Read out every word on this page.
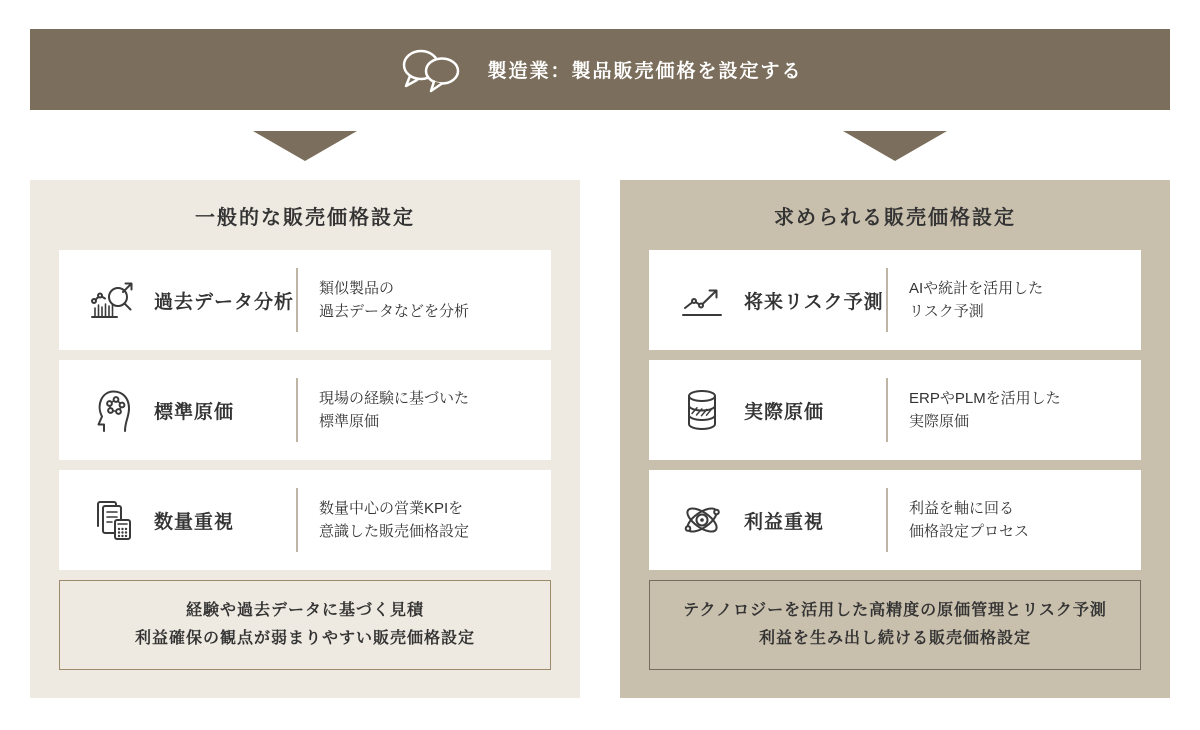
製造業：製品販売価格を設定する
一般的な販売価格設定
過去データ分析
類似製品の
過去データなどを分析
標準原価
現場の経験に基づいた
標準原価
数量重視
数量中心の営業KPIを
意識した販売価格設定
経験や過去データに基づく見積
利益確保の観点が弱まりやすい販売価格設定
求められる販売価格設定
将来リスク予測
AIや統計を活用した
リスク予測
実際原価
ERPやPLMを活用した
実際原価
利益重視
利益を軸に回る
価格設定プロセス
テクノロジーを活用した高精度の原価管理とリスク予測
利益を生み出し続ける販売価格設定
